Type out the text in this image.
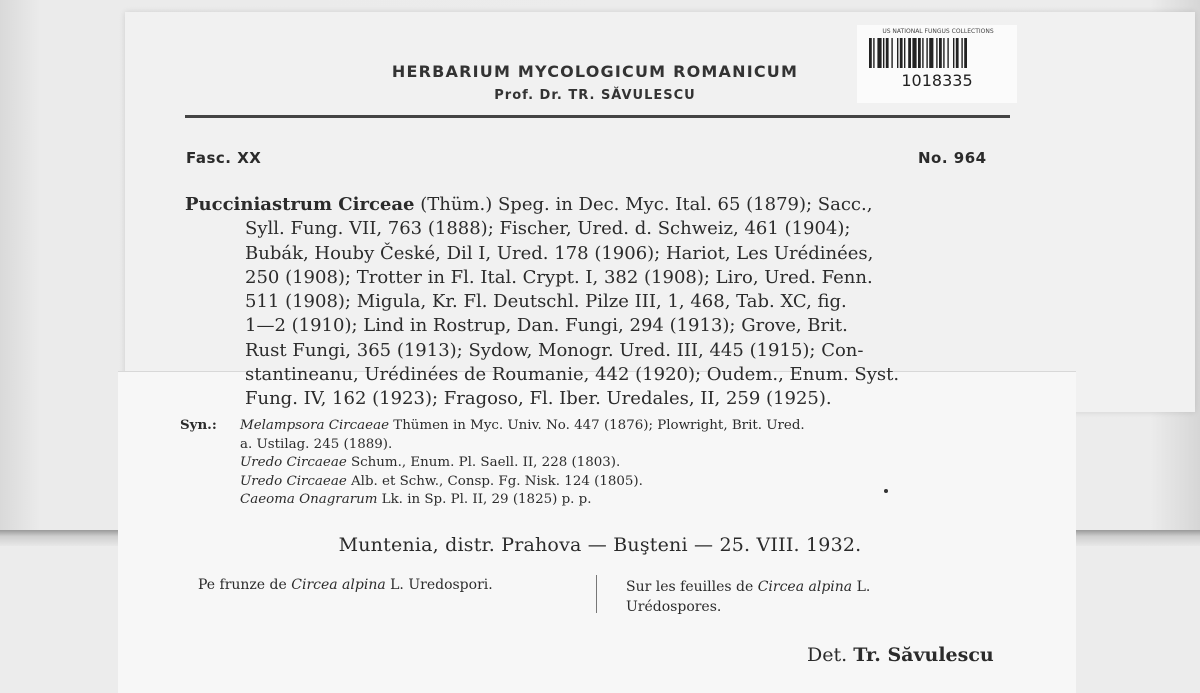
HERBARIUM MYCOLOGICUM ROMANICUM
Prof. Dr. TR. SĂVULESCU
US NATIONAL FUNGUS COLLECTIONS
1018335
Fasc. XX	No. 964
Pucciniastrum Circeae (Thüm.) Speg. in Dec. Myc. Ital. 65 (1879); Sacc.,
Syll. Fung. VII, 763 (1888); Fischer, Ured. d. Schweiz, 461 (1904);
Bubák, Houby České, Dil I, Ured. 178 (1906); Hariot, Les Urédinées,
250 (1908); Trotter in Fl. Ital. Crypt. I, 382 (1908); Liro, Ured. Fenn.
511 (1908); Migula, Kr. Fl. Deutschl. Pilze III, 1, 468, Tab. XC, fig.
1—2 (1910); Lind in Rostrup, Dan. Fungi, 294 (1913); Grove, Brit.
Rust Fungi, 365 (1913); Sydow, Monogr. Ured. III, 445 (1915); Con-
stantineanu, Urédinées de Roumanie, 442 (1920); Oudem., Enum. Syst.
Fung. IV, 162 (1923); Fragoso, Fl. Iber. Uredales, II, 259 (1925).
Syn.: Melampsora Circaeae Thümen in Myc. Univ. No. 447 (1876); Plowright, Brit. Ured.
a. Ustilag. 245 (1889).
Uredo Circaeae Schum., Enum. Pl. Saell. II, 228 (1803).
Uredo Circaeae Alb. et Schw., Consp. Fg. Nisk. 124 (1805).
Caeoma Onagrarum Lk. in Sp. Pl. II, 29 (1825) p. p.
Muntenia, distr. Prahova — Buşteni — 25. VIII. 1932.
Pe frunze de Circea alpina L. Uredospori.	Sur les feuilles de Circea alpina L.
Urédospores.
Det. Tr. Săvulescu
